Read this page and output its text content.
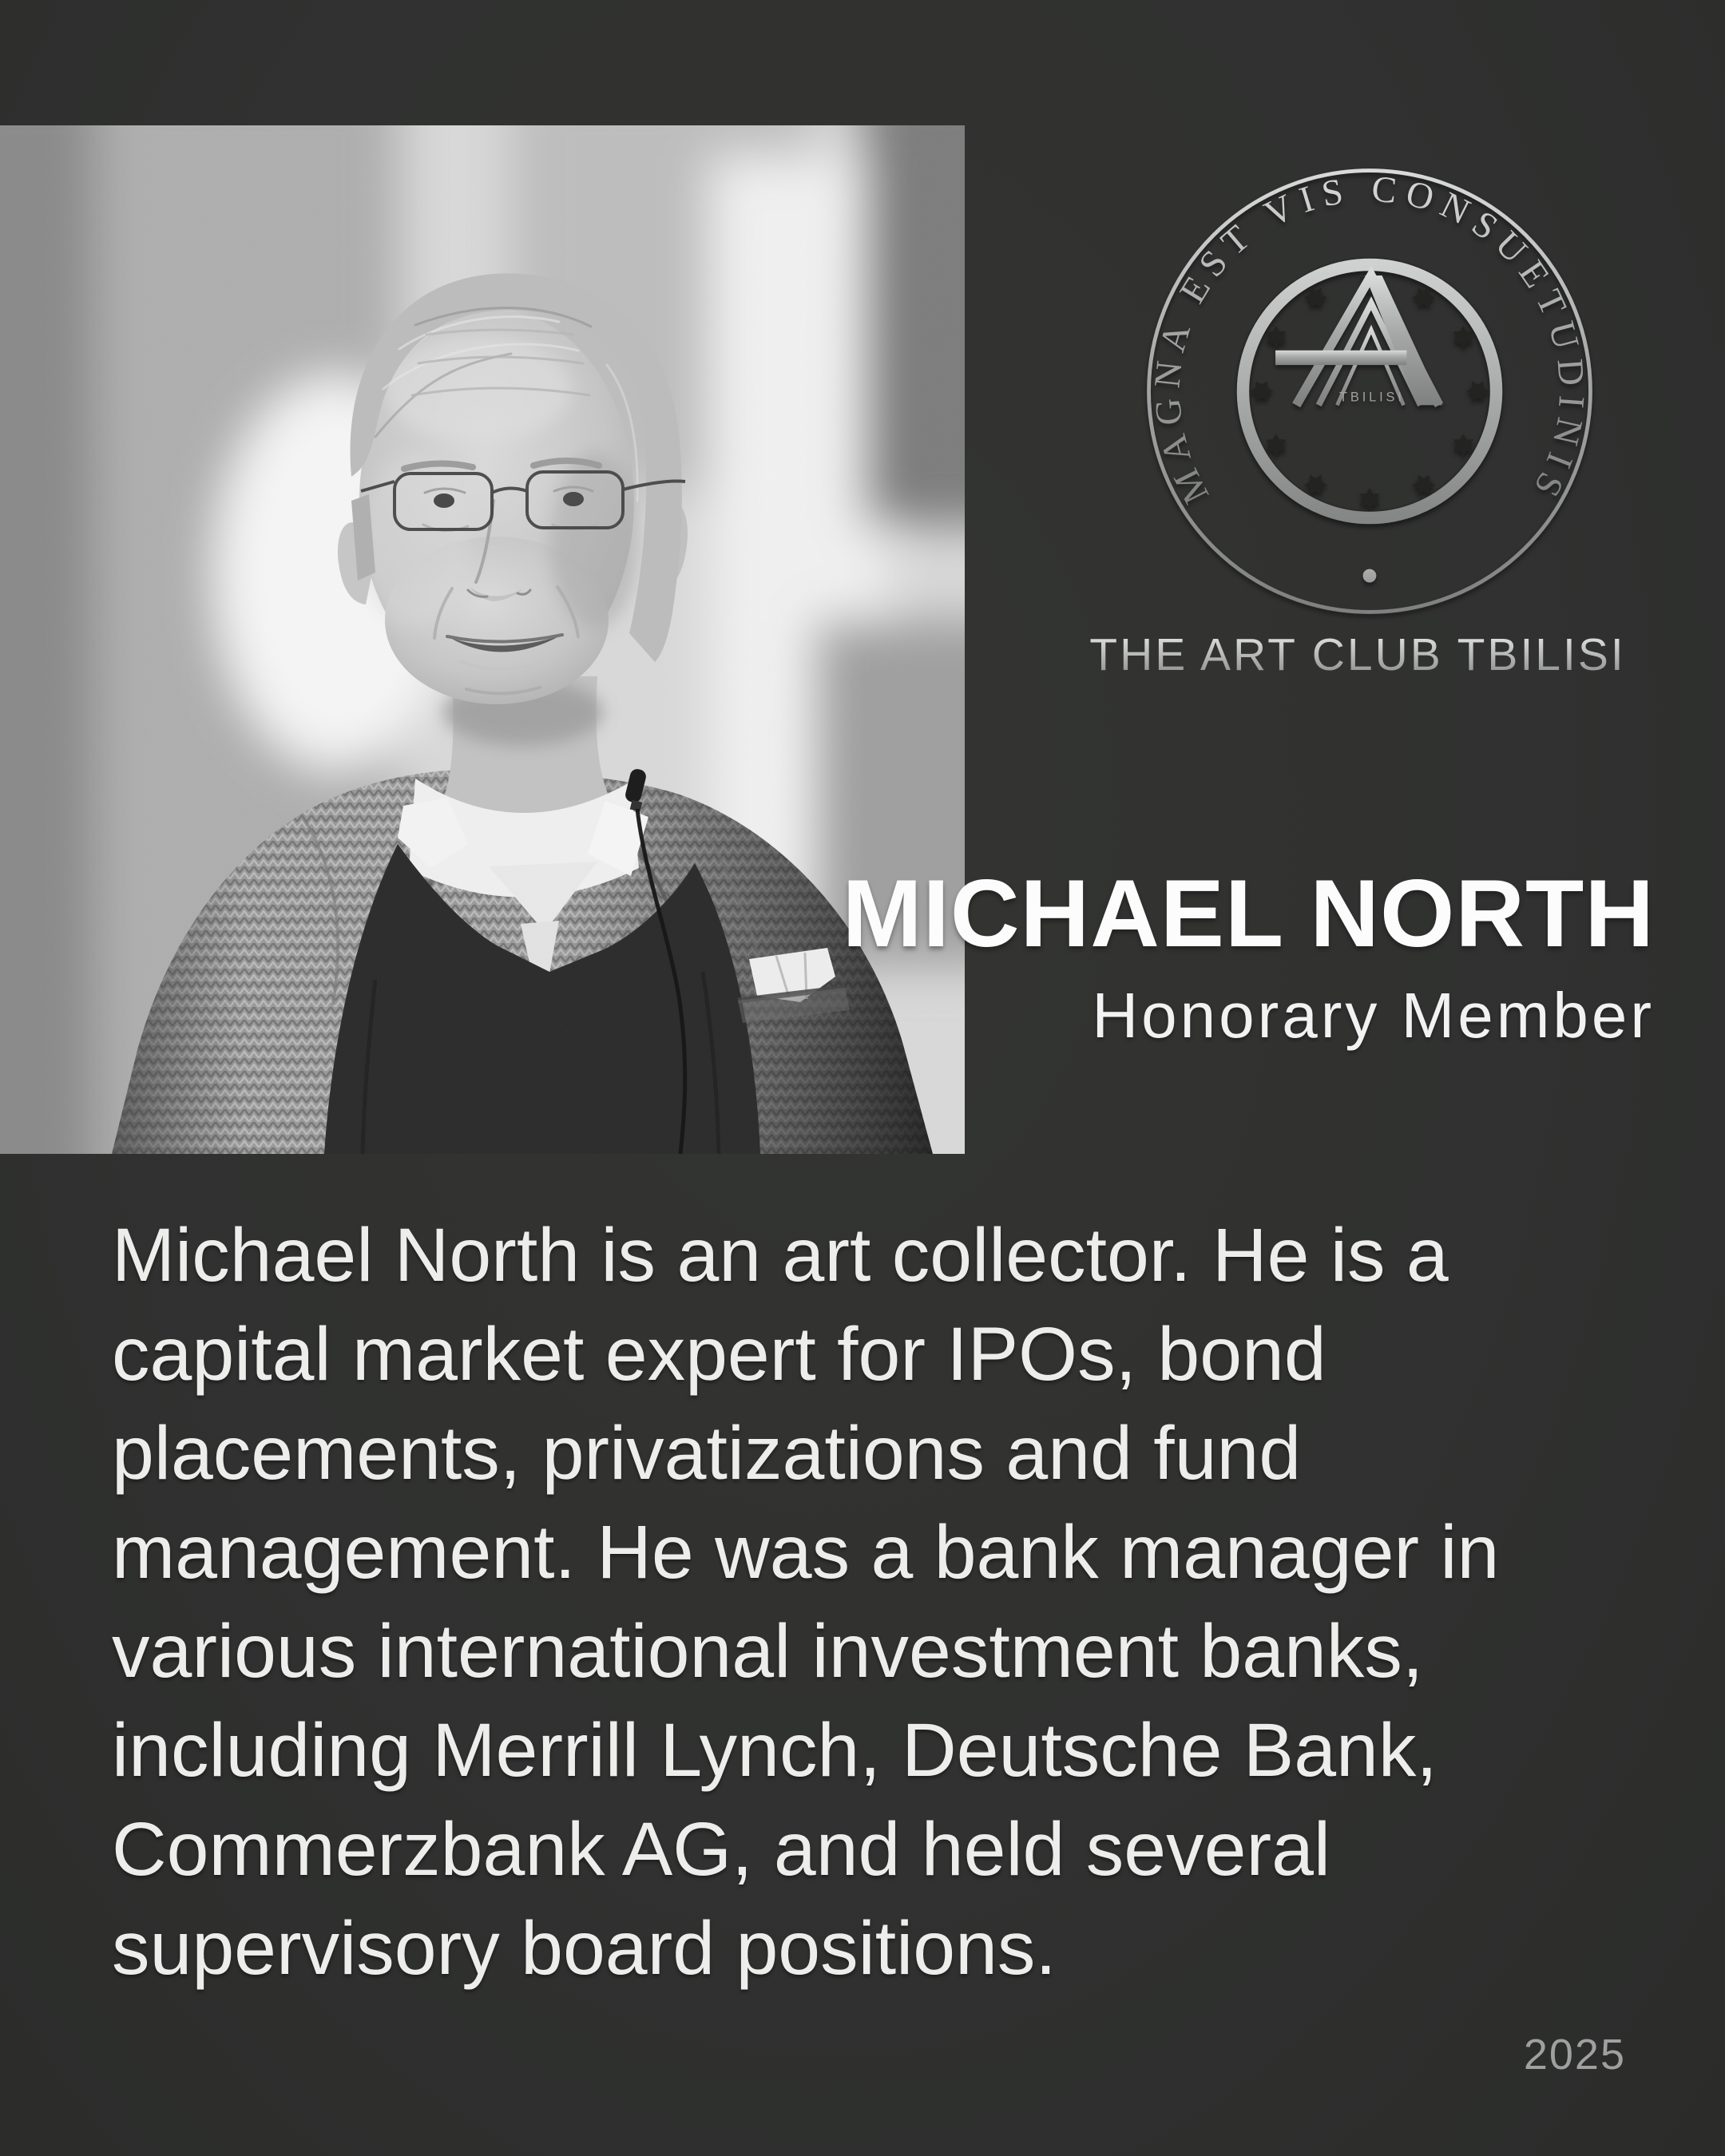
MAGNA EST VIS CONSUETUDINIS
•
TBILISI
THE ART CLUB TBILISI
MICHAEL NORTH
Honorary Member
Michael North is an art collector. He is a
capital market expert for IPOs, bond
placements, privatizations and fund
management. He was a bank manager in
various international investment banks,
including Merrill Lynch, Deutsche Bank,
Commerzbank AG, and held several
supervisory board positions.
2025
